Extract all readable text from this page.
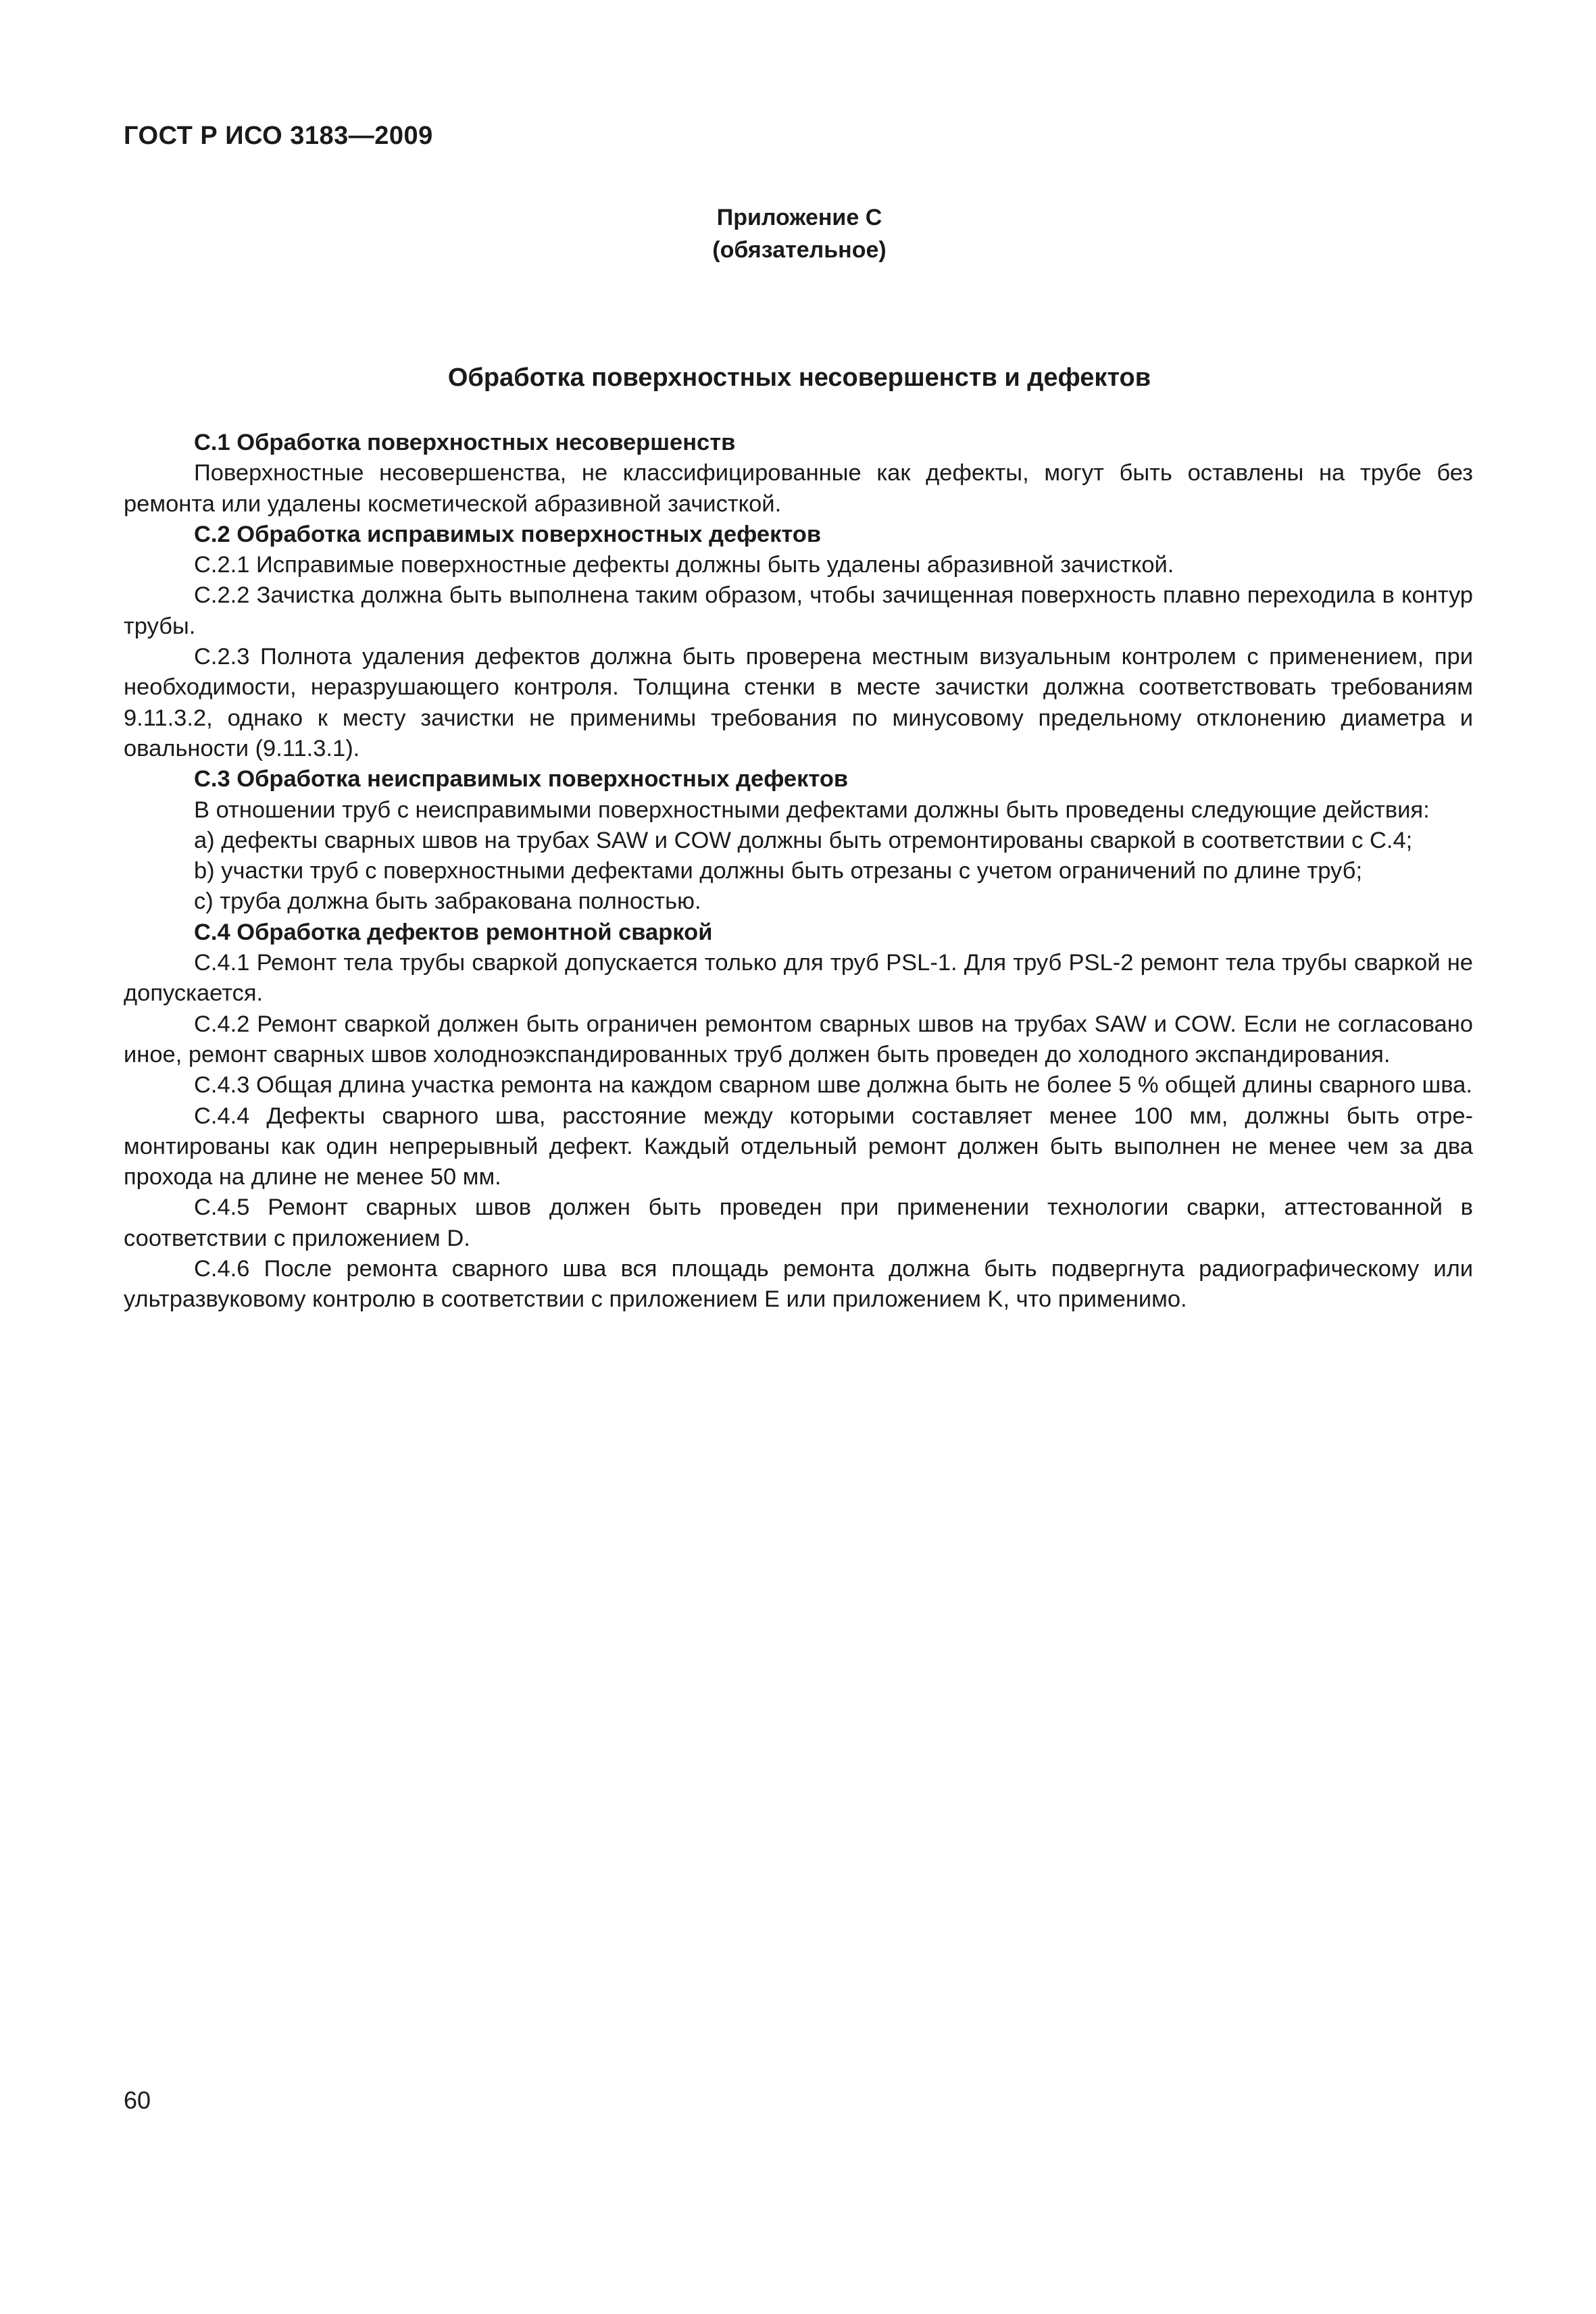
ГОСТ Р ИСО 3183—2009
Приложение С
(обязательное)
Обработка поверхностных несовершенств и дефектов

С.1 Обработка поверхностных несовершенств

Поверхностные несовершенства, не классифицированные как дефекты, могут быть оставлены на трубе без ремонта или удалены косметической абразивной зачисткой.

С.2 Обработка исправимых поверхностных дефектов

С.2.1 Исправимые поверхностные дефекты должны быть удалены абразивной зачисткой.

С.2.2 Зачистка должна быть выполнена таким образом, чтобы зачищенная поверхность плавно переходила в контур трубы.

С.2.3 Полнота удаления дефектов должна быть проверена местным визуальным контролем с применением, при необходимости, неразрушающего контроля. Толщина стенки в месте зачистки должна соответствовать требованиям 9.11.3.2, однако к месту зачистки не применимы требования по минусовому предельному отклонению диаметра и овальности (9.11.3.1).

С.3 Обработка неисправимых поверхностных дефектов

В отношении труб с неисправимыми поверхностными дефектами должны быть проведены следующие действия:

а) дефекты сварных швов на трубах SAW и COW должны быть отремонтированы сваркой в соответствии с С.4;

b) участки труб с поверхностными дефектами должны быть отрезаны с учетом ограничений по длине труб;

с) труба должна быть забракована полностью.

С.4 Обработка дефектов ремонтной сваркой

С.4.1 Ремонт тела трубы сваркой допускается только для труб PSL-1. Для труб PSL-2 ремонт тела трубы сваркой не допускается.

С.4.2 Ремонт сваркой должен быть ограничен ремонтом сварных швов на трубах SAW и COW. Если не согласовано иное, ремонт сварных швов холодноэкспандированных труб должен быть проведен до холодного экспандирования.

С.4.3 Общая длина участка ремонта на каждом сварном шве должна быть не более 5 % общей длины сварного шва.

С.4.4 Дефекты сварного шва, расстояние между которыми составляет менее 100 мм, должны быть отремонтированы как один непрерывный дефект. Каждый отдельный ремонт должен быть выполнен не менее чем за два прохода на длине не менее 50 мм.

С.4.5 Ремонт сварных швов должен быть проведен при применении технологии сварки, аттестованной в соответствии с приложением D.

С.4.6 После ремонта сварного шва вся площадь ремонта должна быть подвергнута радиографическому или ультразвуковому контролю в соответствии с приложением Е или приложением K, что применимо.

60
